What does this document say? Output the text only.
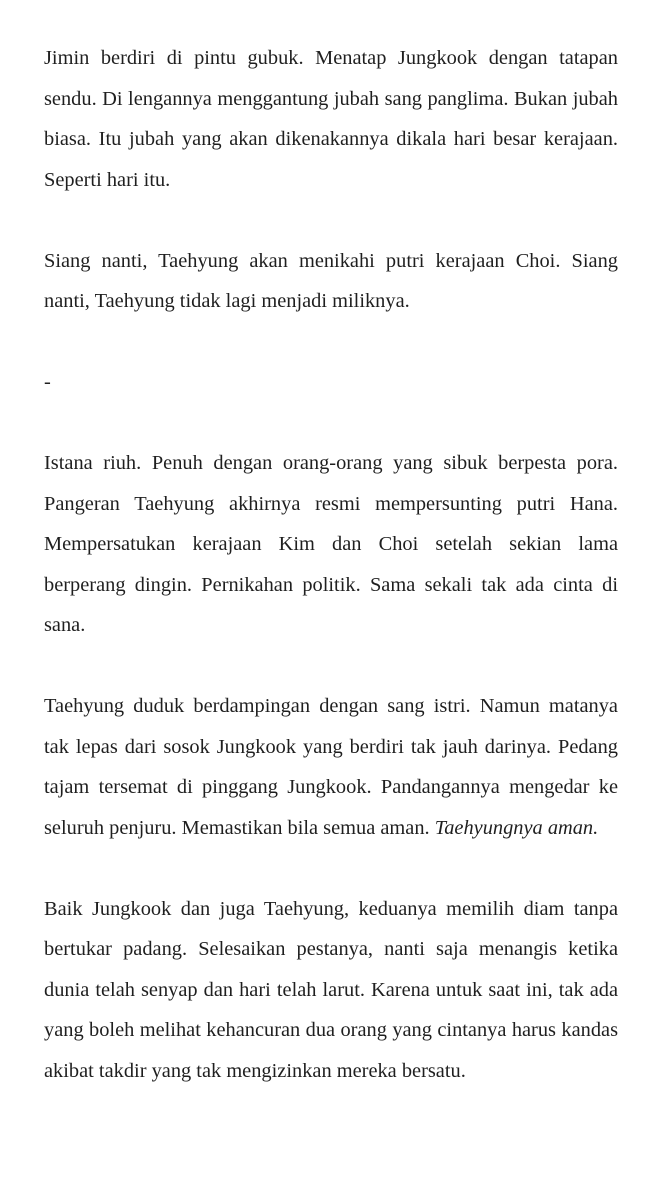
Jimin berdiri di pintu gubuk. Menatap Jungkook dengan tatapan sendu. Di lengannya menggantung jubah sang panglima. Bukan jubah biasa. Itu jubah yang akan dikenakannya dikala hari besar kerajaan. Seperti hari itu.

Siang nanti, Taehyung akan menikahi putri kerajaan Choi. Siang nanti, Taehyung tidak lagi menjadi miliknya.

-

Istana riuh. Penuh dengan orang-orang yang sibuk berpesta pora. Pangeran Taehyung akhirnya resmi mempersunting putri Hana. Mempersatukan kerajaan Kim dan Choi setelah sekian lama berperang dingin. Pernikahan politik. Sama sekali tak ada cinta di sana.

Taehyung duduk berdampingan dengan sang istri. Namun matanya tak lepas dari sosok Jungkook yang berdiri tak jauh darinya. Pedang tajam tersemat di pinggang Jungkook. Pandangannya mengedar ke seluruh penjuru. Memastikan bila semua aman. Taehyungnya aman.

Baik Jungkook dan juga Taehyung, keduanya memilih diam tanpa bertukar padang. Selesaikan pestanya, nanti saja menangis ketika dunia telah senyap dan hari telah larut. Karena untuk saat ini, tak ada yang boleh melihat kehancuran dua orang yang cintanya harus kandas akibat takdir yang tak mengizinkan mereka bersatu.
